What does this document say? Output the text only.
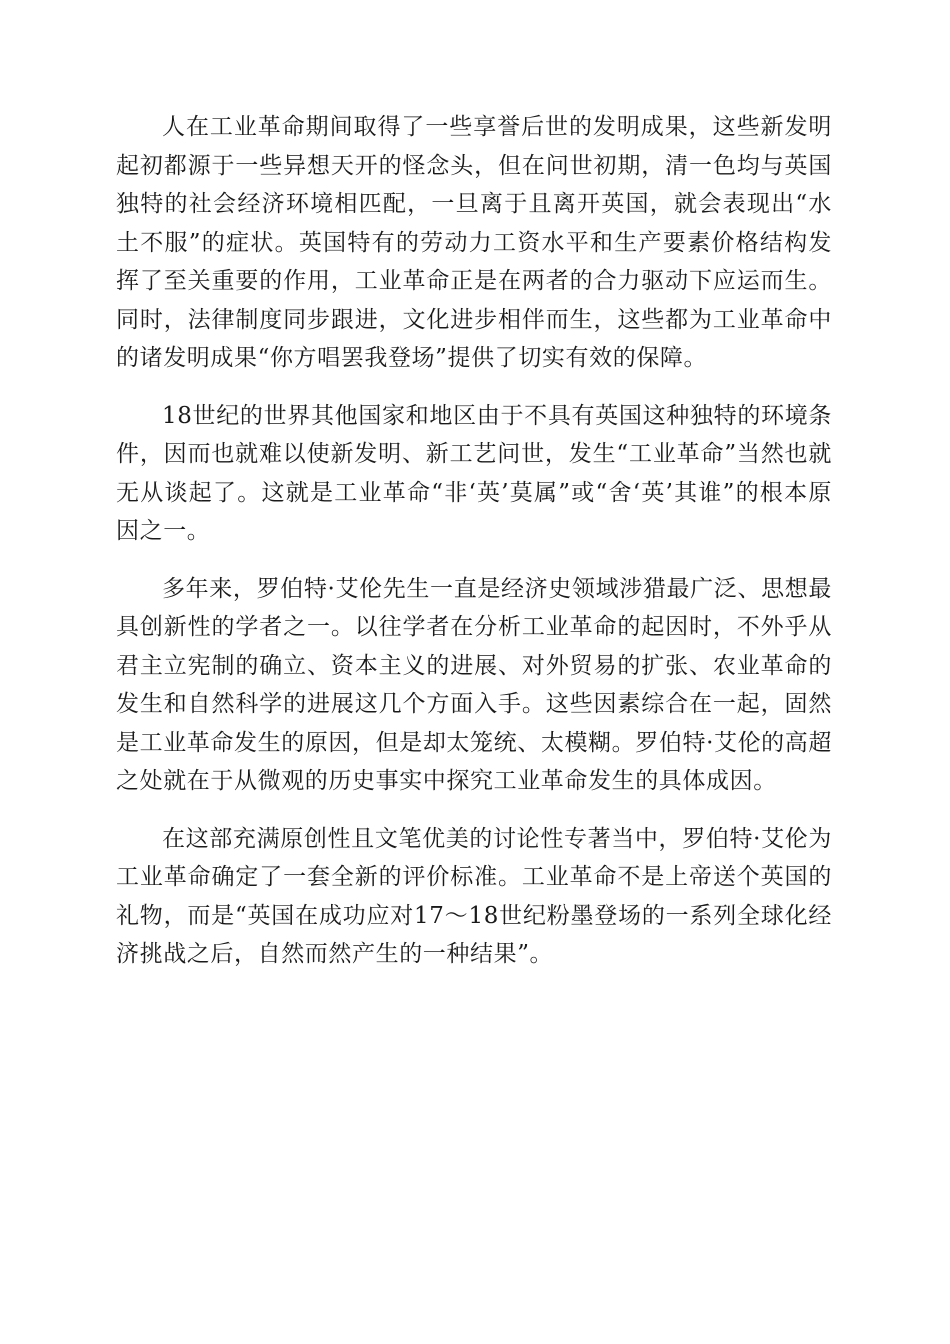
人在工业革命期间取得了一些享誉后世的发明成果，这些新发明起初都源于一些异想天开的怪念头，但在问世初期，清一色均与英国独特的社会经济环境相匹配，一旦离于且离开英国，就会表现出“水土不服”的症状。英国特有的劳动力工资水平和生产要素价格结构发挥了至关重要的作用，工业革命正是在两者的合力驱动下应运而生。同时，法律制度同步跟进，文化进步相伴而生，这些都为工业革命中的诸发明成果“你方唱罢我登场”提供了切实有效的保障。

18世纪的世界其他国家和地区由于不具有英国这种独特的环境条件，因而也就难以使新发明、新工艺问世，发生“工业革命”当然也就无从谈起了。这就是工业革命“非‘英’莫属”或“舍‘英’其谁”的根本原因之一。

多年来，罗伯特·艾伦先生一直是经济史领域涉猎最广泛、思想最具创新性的学者之一。以往学者在分析工业革命的起因时，不外乎从君主立宪制的确立、资本主义的进展、对外贸易的扩张、农业革命的发生和自然科学的进展这几个方面入手。这些因素综合在一起，固然是工业革命发生的原因，但是却太笼统、太模糊。罗伯特·艾伦的高超之处就在于从微观的历史事实中探究工业革命发生的具体成因。

在这部充满原创性且文笔优美的讨论性专著当中，罗伯特·艾伦为工业革命确定了一套全新的评价标准。工业革命不是上帝送个英国的礼物，而是“英国在成功应对17～18世纪粉墨登场的一系列全球化经济挑战之后，自然而然产生的一种结果”。
